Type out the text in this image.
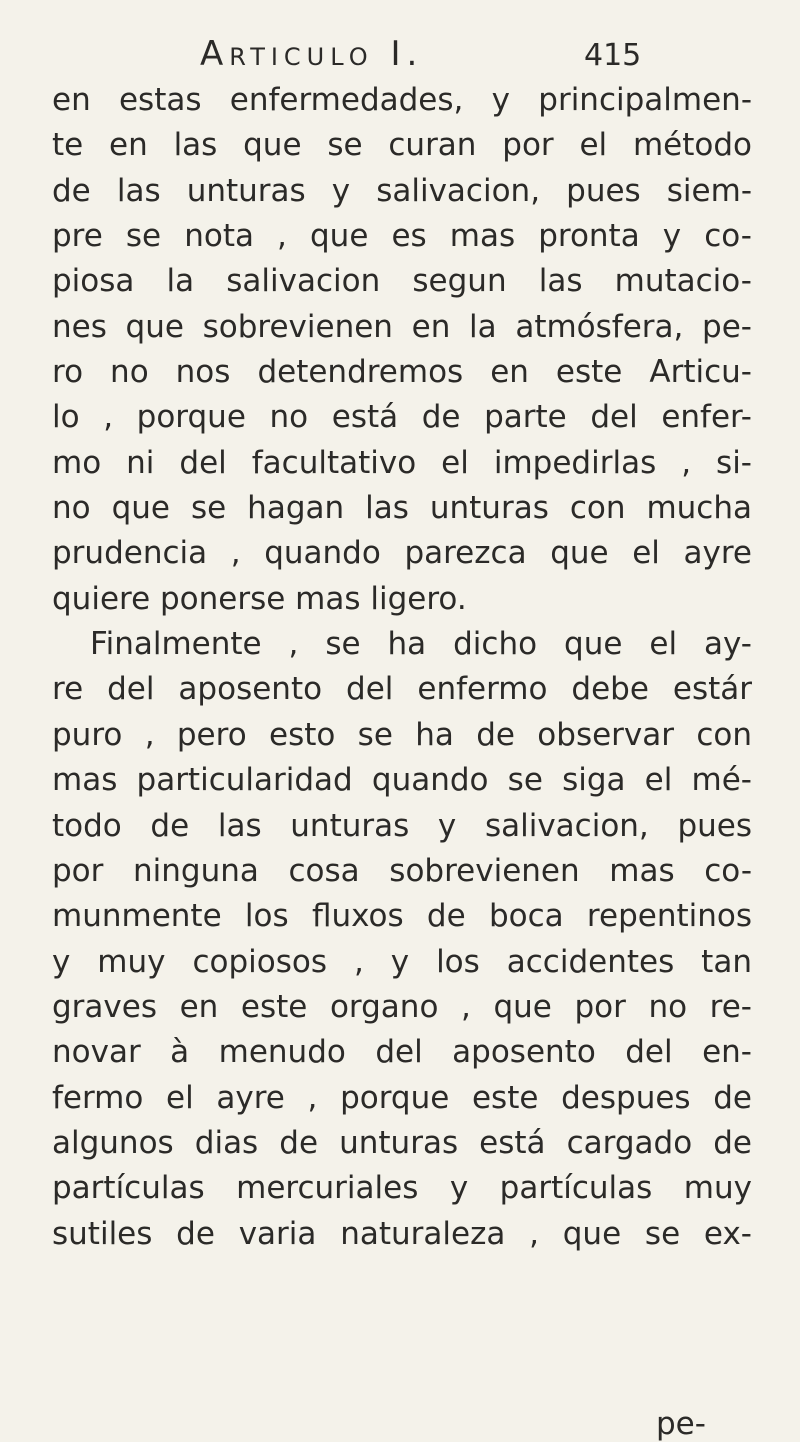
Articulo I.	415
en estas enfermedades, y principalmen-
te en las que se curan por el método
de las unturas y salivacion, pues siem-
pre se nota , que es mas pronta y co-
piosa la salivacion segun las mutacio-
nes que sobrevienen en la atmósfera, pe-
ro no nos detendremos en este Articu-
lo , porque no está de parte del enfer-
mo ni del facultativo el impedirlas , si-
no que se hagan las unturas con mucha
prudencia , quando parezca que el ayre
quiere ponerse mas ligero.
Finalmente , se ha dicho que el ay-
re del aposento del enfermo debe estár
puro , pero esto se ha de observar con
mas particularidad quando se siga el mé-
todo de las unturas y salivacion, pues
por ninguna cosa sobrevienen mas co-
munmente los fluxos de boca repentinos
y muy copiosos , y los accidentes tan
graves en este organo , que por no re-
novar à menudo del aposento del en-
fermo el ayre , porque este despues de
algunos dias de unturas está cargado de
partículas mercuriales y partículas muy
sutiles de varia naturaleza , que se ex-
pe-
